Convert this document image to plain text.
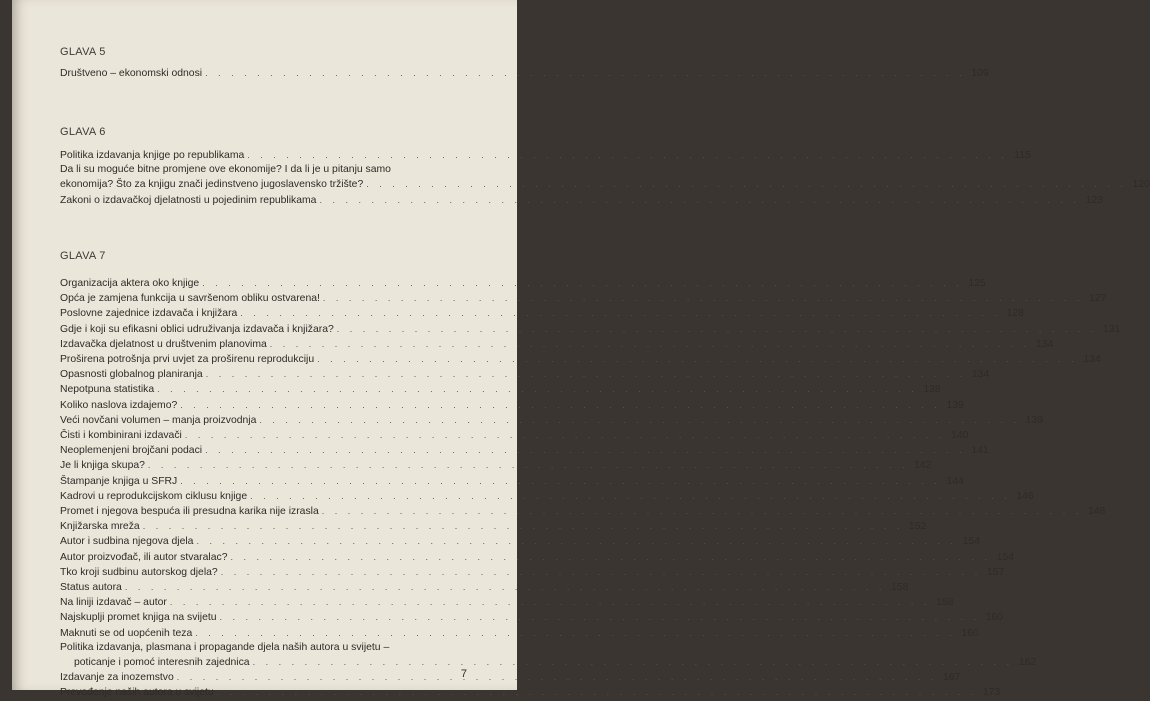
GLAVA 5
Društveno – ekonomski odnosi . . .	109
GLAVA 6
Politika izdavanja knjige po republikama . . .	115
Da li su moguće bitne promjene ove ekonomije? I da li je u pitanju samo
ekonomija? Što za knjigu znači jedinstveno jugoslavensko tržište? . . .	120
Zakoni o izdavačkoj djelatnosti u pojedinim republikama . . .	123
GLAVA 7
Organizacija aktera oko knjige . . .	125
Opća je zamjena funkcija u savršenom obliku ostvarena! . . .	127
Poslovne zajednice izdavača i knjižara . . .	128
Gdje i koji su efikasni oblici udruživanja izdavača i knjižara? . . .	131
Izdavačka djelatnost u društvenim planovima . . .	134
Proširena potrošnja prvi uvjet za proširenu reprodukciju . . .	134
Opasnosti globalnog planiranja . . .	134
Nepotpuna statistika . . .	138
Koliko naslova izdajemo? . . .	139
Veći novčani volumen – manja proizvodnja . . .	139
Čisti i kombinirani izdavači . . .	140
Neoplemenjeni brojčani podaci . . .	141
Je li knjiga skupa? . . .	142
Štampanje knjiga u SFRJ . . .	144
Kadrovi u reprodukcijskom ciklusu knjige . . .	146
Promet i njegova bespuća ili presudna karika nije izrasla . . .	148
Knjižarska mreža . . .	152
Autor i sudbina njegova djela . . .	154
Autor proizvođač, ili autor stvaralac? . . .	154
Tko kroji sudbinu autorskog djela? . . .	157
Status autora . . .	158
Na liniji izdavač – autor . . .	158
Najskuplji promet knjiga na svijetu . . .	160
Maknuti se od uopćenih teza . . .	160
Politika izdavanja, plasmana i propagande djela naših autora u svijetu –
poticanje i pomoć interesnih zajednica . . .	162
Izdavanje za inozemstvo . . .	167
Prevođenje naših autora u svijetu . . .	173
7
